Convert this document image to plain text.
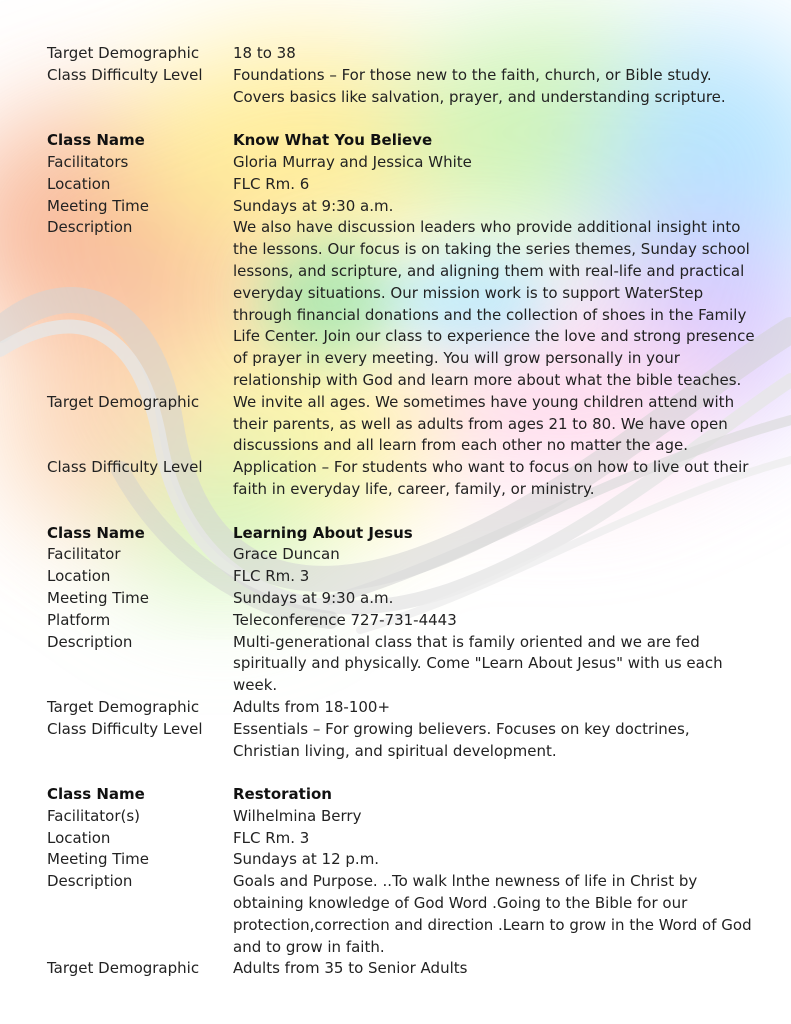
Target Demographic	18 to 38
Class Difficulty Level	Foundations – For those new to the faith, church, or Bible study. Covers basics like salvation, prayer, and understanding scripture.
Class Name	Know What You Believe
Facilitators	Gloria Murray and Jessica White
Location	FLC Rm. 6
Meeting Time	Sundays at 9:30 a.m.
Description	We also have discussion leaders who provide additional insight into the lessons. Our focus is on taking the series themes, Sunday school lessons, and scripture, and aligning them with real-life and practical everyday situations. Our mission work is to support WaterStep through financial donations and the collection of shoes in the Family Life Center. Join our class to experience the love and strong presence of prayer in every meeting. You will grow personally in your relationship with God and learn more about what the bible teaches.
Target Demographic	We invite all ages. We sometimes have young children attend with their parents, as well as adults from ages 21 to 80. We have open discussions and all learn from each other no matter the age.
Class Difficulty Level	Application – For students who want to focus on how to live out their faith in everyday life, career, family, or ministry.
Class Name	Learning About Jesus
Facilitator	Grace Duncan
Location	FLC Rm. 3
Meeting Time	Sundays at 9:30 a.m.
Platform	Teleconference 727-731-4443
Description	Multi-generational class that is family oriented and we are fed spiritually and physically. Come "Learn About Jesus" with us each week.
Target Demographic	Adults from 18-100+
Class Difficulty Level	Essentials – For growing believers. Focuses on key doctrines, Christian living, and spiritual development.
Class Name	Restoration
Facilitator(s)	Wilhelmina Berry
Location	FLC Rm. 3
Meeting Time	Sundays at 12 p.m.
Description	Goals and Purpose. ..To walk lnthe newness of life in Christ by obtaining knowledge of God Word .Going to the Bible for our protection,correction and direction .Learn to grow in the Word of God and to grow in faith.
Target Demographic	Adults from 35 to Senior Adults
